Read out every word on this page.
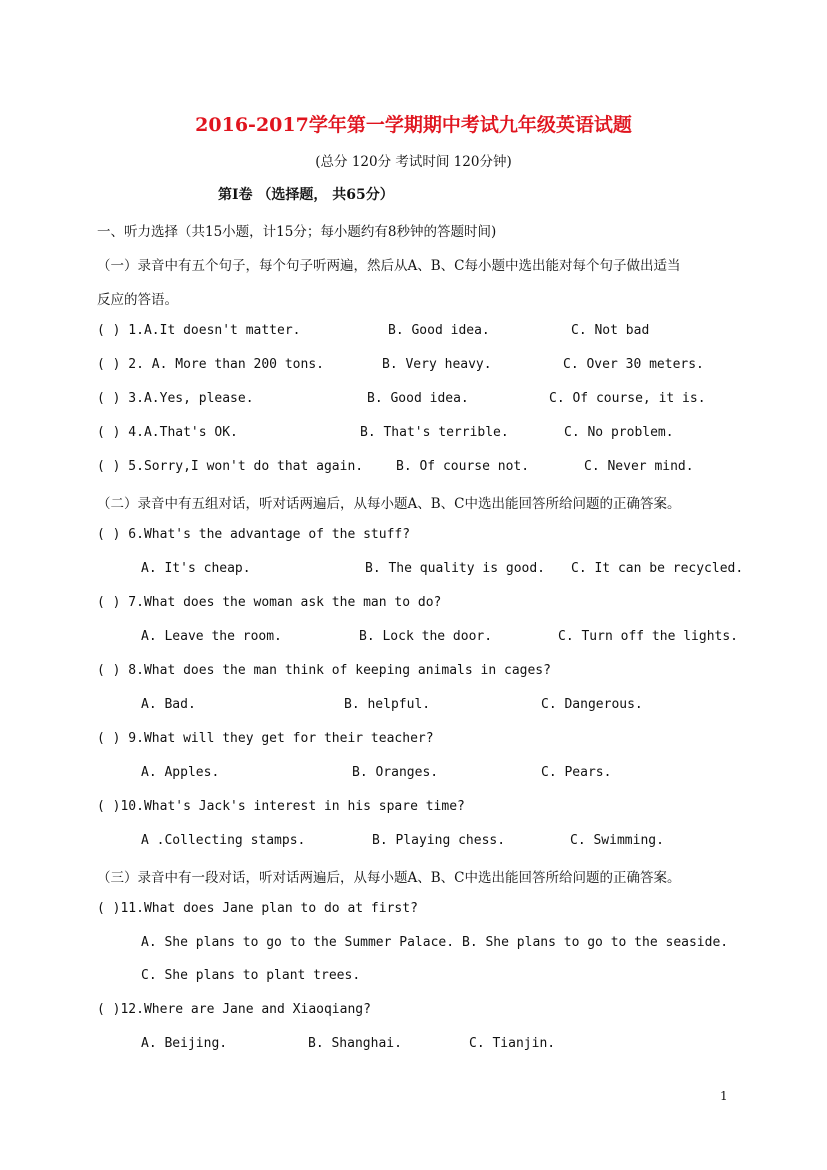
2016-2017学年第一学期期中考试九年级英语试题
(总分 120分 考试时间 120分钟)
第Ⅰ卷 （选择题， 共65分）
一、听力选择（共15小题，计15分；每小题约有8秒钟的答题时间)
（一）录音中有五个句子，每个句子听两遍，然后从A、B、C每小题中选出能对每个句子做出适当
反应的答语。
( ) 1.A.It doesn't matter.	B. Good idea.	C. Not bad
( ) 2. A. More than 200 tons.	B. Very heavy.	C. Over 30 meters.
( ) 3.A.Yes, please.	B. Good idea.	C. Of course, it is.
( ) 4.A.That's OK.	B. That's terrible.	C. No problem.
( ) 5.Sorry,I won't do that again.	B. Of course not.	C. Never mind.
（二）录音中有五组对话，听对话两遍后，从每小题A、B、C中选出能回答所给问题的正确答案。
( ) 6.What's the advantage of the stuff?
A. It's cheap.	B. The quality is good. C. It can be recycled.
( ) 7.What does the woman ask the man to do?
A. Leave the room.	B. Lock the door.	C. Turn off the lights.
( ) 8.What does the man think of keeping animals in cages?
A. Bad.	B. helpful.	C. Dangerous.
( ) 9.What will they get for their teacher?
A. Apples.	B. Oranges.	C. Pears.
( )10.What's Jack's interest in his spare time?
A .Collecting stamps.	B. Playing chess.	C. Swimming.
（三）录音中有一段对话，听对话两遍后，从每小题A、B、C中选出能回答所给问题的正确答案。
( )11.What does Jane plan to do at first?
A. She plans to go to the Summer Palace. B. She plans to go to the seaside.
C. She plans to plant trees.
( )12.Where are Jane and Xiaoqiang?
A. Beijing.	B. Shanghai.	C. Tianjin.
1
